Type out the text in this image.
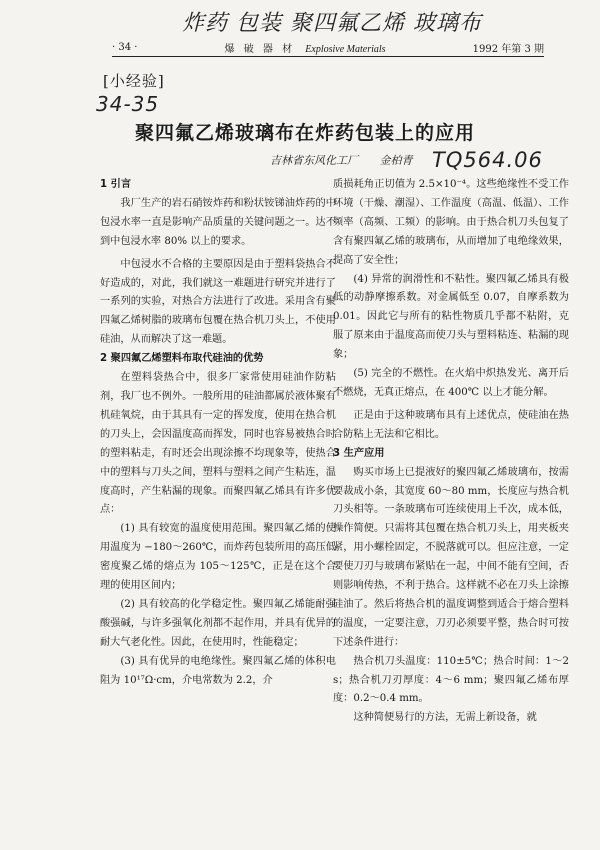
炸药 包装 聚四氟乙烯 玻璃布
34-35
TQ564.06
· 34 ·	爆 破 器 材 Explosive Materials	1992 年第 3 期
[小经验]
聚四氟乙烯玻璃布在炸药包装上的应用
吉林省东风化工厂 金柏青
1 引言

我厂生产的岩石硝铵炸药和粉状铵锑油炸药的中包浸水率一直是影响产品质量的关键问题之一。达不到中包浸水率 80% 以上的要求。

中包浸水不合格的主要原因是由于塑料袋热合不好造成的，对此，我们就这一难题进行研究并进行了一系列的实验，对热合方法进行了改进。采用含有聚四氟乙烯树脂的玻璃布包覆在热合机刀头上，不使用硅油，从而解决了这一难题。

2 聚四氟乙烯塑料布取代硅油的优势

在塑料袋热合中，很多厂家常使用硅油作防粘剂，我厂也不例外。一般所用的硅油都属於液体聚有机硅氧烷，由于其具有一定的挥发度，使用在热合机的刀头上，会因温度高而挥发，同时也容易被热合时的塑料粘走，有时还会出现涂擦不均现象等，使热合中的塑料与刀头之间，塑料与塑料之间产生粘连，温度高时，产生粘漏的现象。而聚四氟乙烯具有许多优点：

(1) 具有较宽的温度使用范围。聚四氟乙烯的使用温度为 −180～260℃，而炸药包装所用的高压低密度聚乙烯的熔点为 105～125℃，正是在这个合理的使用区间内；

(2) 具有较高的化学稳定性。聚四氟乙烯能耐强酸强碱，与许多强氧化剂都不起作用，并具有优异的耐大气老化性。因此，在使用时，性能稳定；

(3) 具有优异的电绝缘性。聚四氟乙烯的体积电阻为 10¹⁷Ω·cm，介电常数为 2.2，介

质损耗角正切值为 2.5×10⁻⁴。这些绝缘性不受工作环境（干燥、潮湿）、工作温度（高温、低温）、工作频率（高频、工频）的影响。由于热合机刀头包复了含有聚四氟乙烯的玻璃布，从而增加了电绝缘效果，提高了安全性；

(4) 异常的润滑性和不粘性。聚四氟乙烯具有极低的动静摩擦系数。对金属低至 0.07，自摩系数为 0.01。因此它与所有的粘性物质几乎都不粘附，克服了原来由于温度高而使刀头与塑料粘连、粘漏的现象；

(5) 完全的不燃性。在火焰中炽热发光、离开后不燃烧，无真正熔点，在 400℃ 以上才能分解。

正是由于这种玻璃布具有上述优点，使硅油在热合防粘上无法和它相比。

3 生产应用

购买市场上已提液好的聚四氟乙烯玻璃布，按需要裁成小条，其宽度 60～80 mm，长度应与热合机刀头相等。一条玻璃布可连续使用上千次，成本低，操作简便。只需将其包覆在热合机刀头上，用夹板夹紧，用小螺栓固定，不脱落就可以。但应注意，一定要使刀刃与玻璃布紧贴在一起，中间不能有空间，否则影响传热，不利于热合。这样就不必在刀头上涂擦硅油了。然后将热合机的温度调整到适合于熔合塑料的温度，一定要注意，刀刃必须要平整，热合时可按下述条件进行：

热合机刀头温度：110±5℃；热合时间：1～2 s；热合机刀刃厚度：4～6 mm；聚四氟乙烯布厚度：0.2～0.4 mm。

这种简便易行的方法，无需上新设备，就
